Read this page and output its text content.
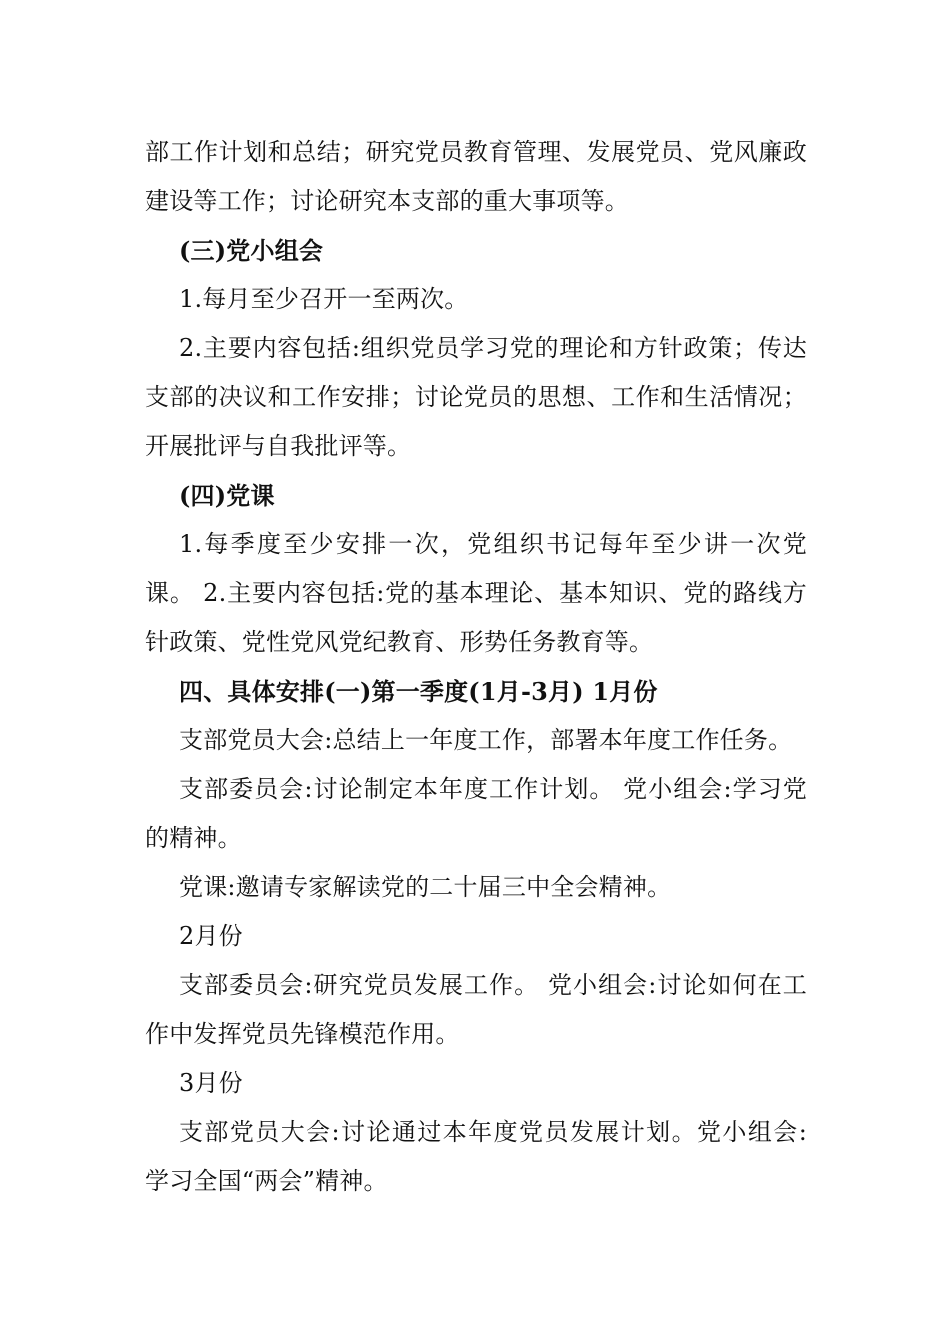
部工作计划和总结；研究党员教育管理、发展党员、党风廉政建设等工作；讨论研究本支部的重大事项等。

(三)党小组会

1.每月至少召开一至两次。

2.主要内容包括:组织党员学习党的理论和方针政策；传达支部的决议和工作安排；讨论党员的思想、工作和生活情况； 开展批评与自我批评等。

(四)党课

1.每季度至少安排一次，党组织书记每年至少讲一次党课。 2.主要内容包括:党的基本理论、基本知识、党的路线方针政策、党性党风党纪教育、形势任务教育等。

四、具体安排(一)第一季度(1月-3月) 1月份

支部党员大会:总结上一年度工作，部署本年度工作任务。

支部委员会:讨论制定本年度工作计划。 党小组会:学习党的精神。

党课:邀请专家解读党的二十届三中全会精神。

2月份

支部委员会:研究党员发展工作。 党小组会:讨论如何在工作中发挥党员先锋模范作用。

3月份

支部党员大会:讨论通过本年度党员发展计划。党小组会: 学习全国“两会”精神。
